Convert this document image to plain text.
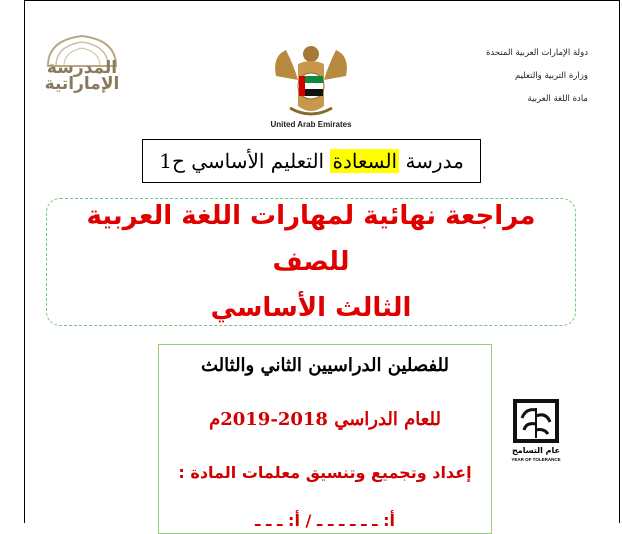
المدرسة
الإماراتية
United Arab Emirates
دولة الإمارات العربية المتحدة
وزارة التربية والتعليم
مادة اللغة العربية
مدرسة

السعادة

التعليم الأساسي ح1
مراجعة نهائية لمهارات اللغة العربية للصف
الثالث الأساسي
للفصلين الدراسيين الثاني والثالث
للعام الدراسي 2018-2019م
إعداد وتجميع وتنسيق معلمات المادة :
أ: ـ ـ ـ ـ ـ ـ / أ: ـ ـ ـ
عام التسامح
YEAR OF TOLERANCE
